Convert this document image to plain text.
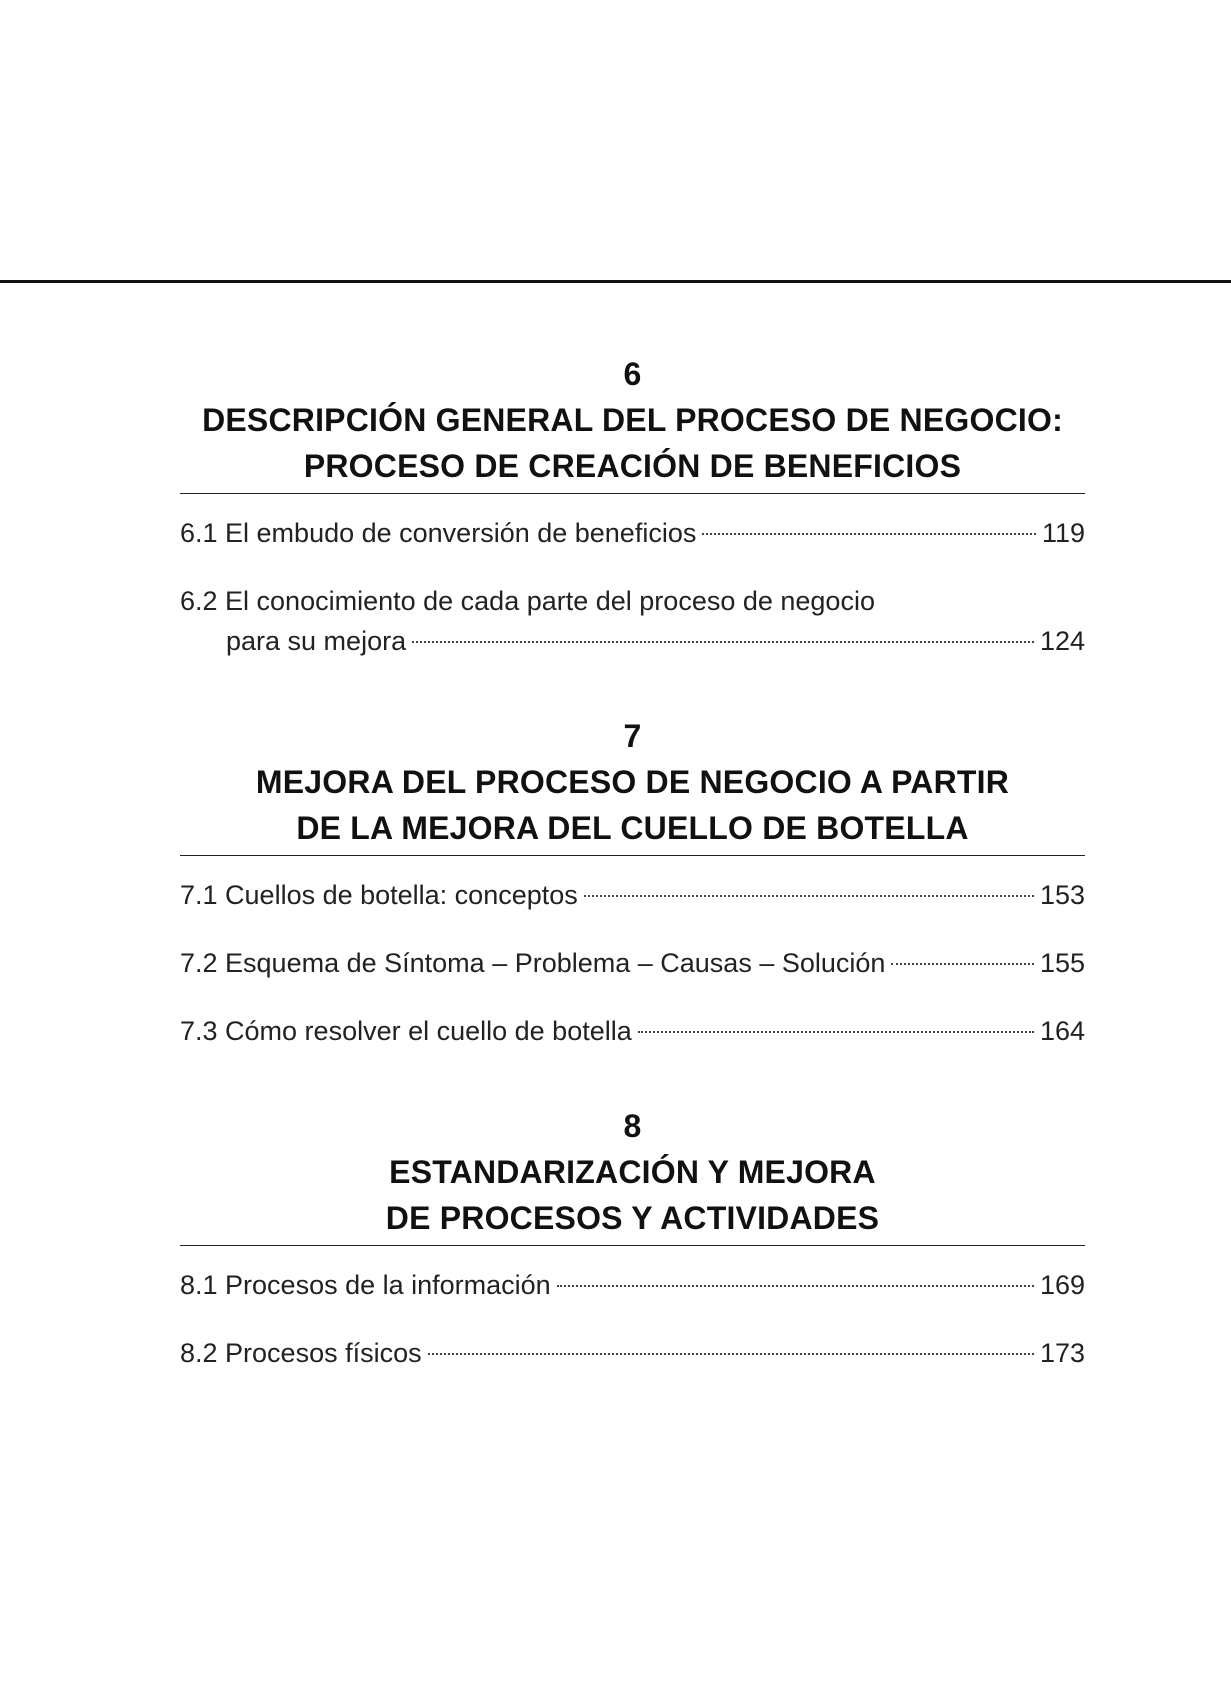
6
DESCRIPCIÓN GENERAL DEL PROCESO DE NEGOCIO:
PROCESO DE CREACIÓN DE BENEFICIOS
6.1 El embudo de conversión de beneficios	119
6.2 El conocimiento de cada parte del proceso de negocio
para su mejora	124
7
MEJORA DEL PROCESO DE NEGOCIO A PARTIR
DE LA MEJORA DEL CUELLO DE BOTELLA
7.1 Cuellos de botella: conceptos	153
7.2 Esquema de Síntoma – Problema – Causas – Solución	155
7.3 Cómo resolver el cuello de botella	164
8
ESTANDARIZACIÓN Y MEJORA
DE PROCESOS Y ACTIVIDADES
8.1 Procesos de la información	169
8.2 Procesos físicos	173
